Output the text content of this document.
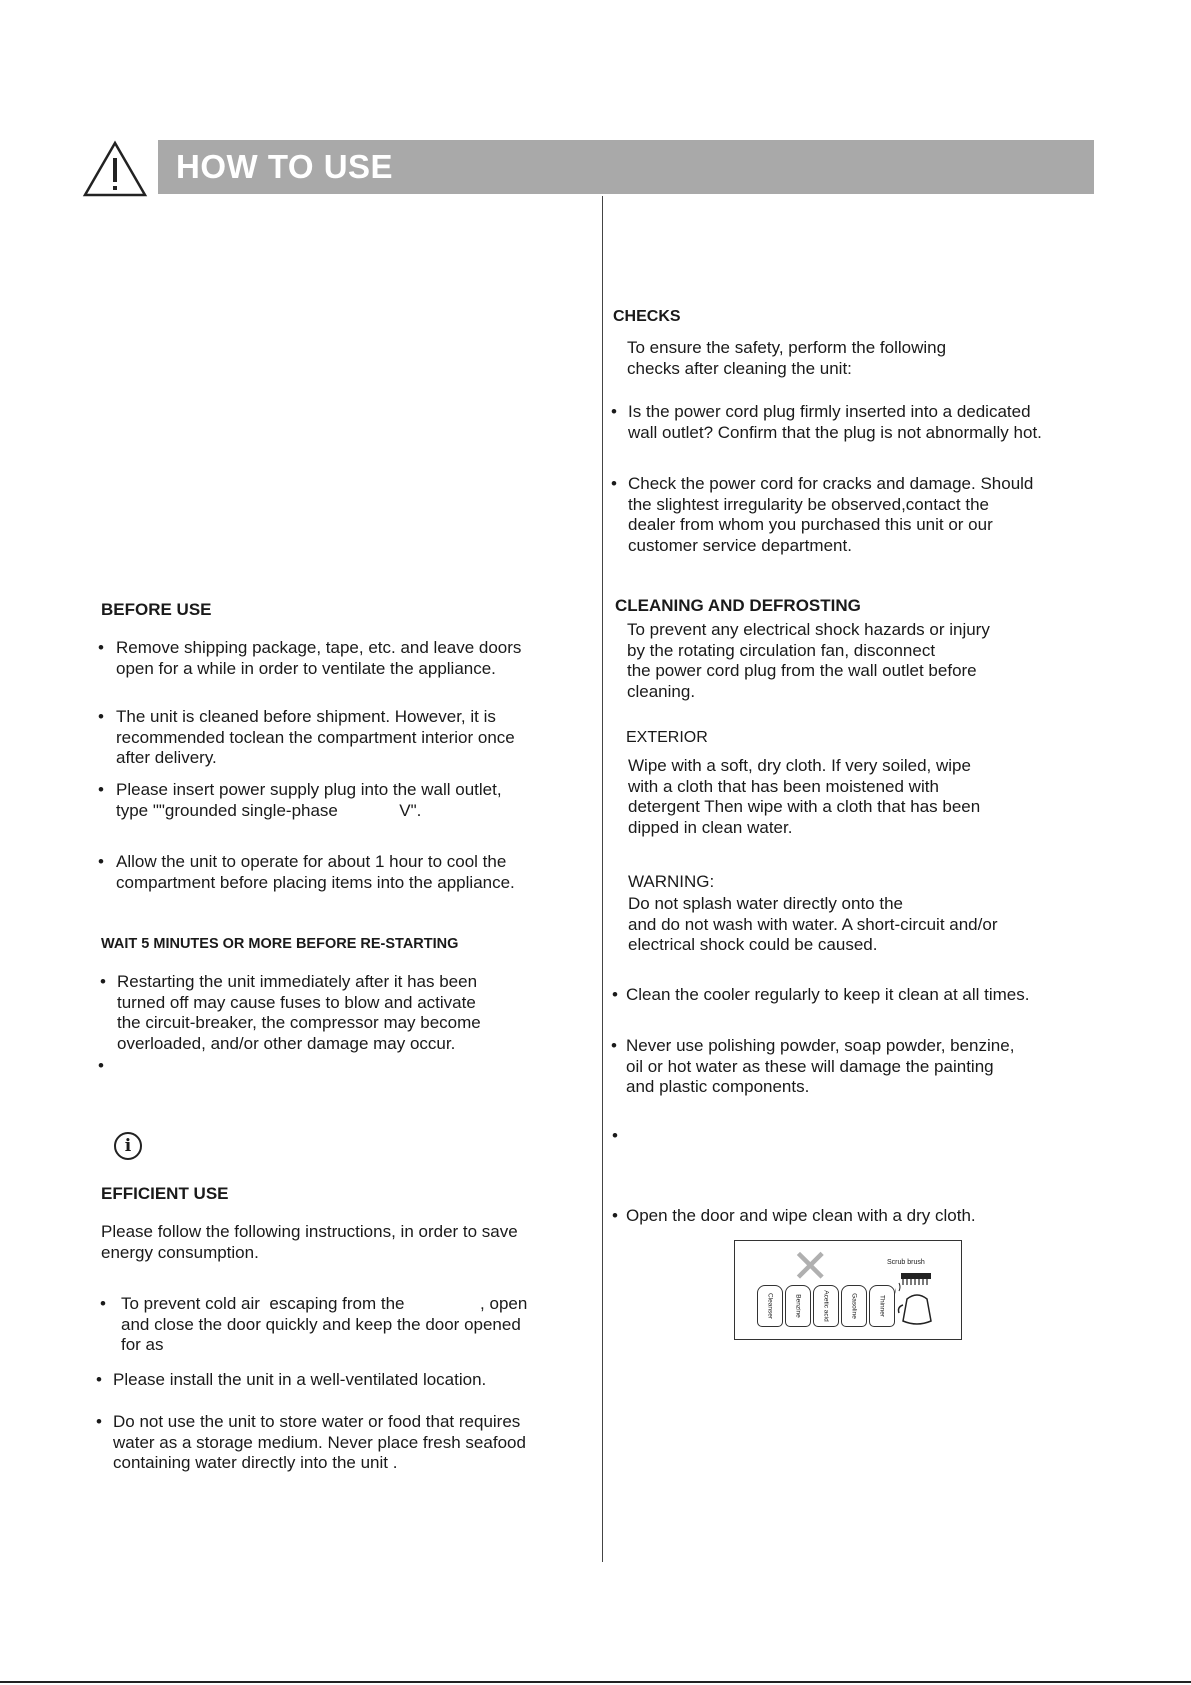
HOW TO USE
BEFORE USE
• Remove shipping package, tape, etc. and leave doors
open for a while in order to ventilate the appliance.
• The unit is cleaned before shipment. However, it is
recommended toclean the compartment interior once
after delivery.
• Please insert power supply plug into the wall outlet,
type ""grounded single-phase             V".
• Allow the unit to operate for about 1 hour to cool the
compartment before placing items into the appliance.
WAIT 5 MINUTES OR MORE BEFORE RE-STARTING
• Restarting the unit immediately after it has been
turned off may cause fuses to blow and activate
the circuit-breaker, the compressor may become
overloaded, and/or other damage may occur.
•
i
EFFICIENT USE
Please follow the following instructions, in order to save
energy consumption.
• To prevent cold air  escaping from the                , open
and close the door quickly and keep the door opened
for as
• Please install the unit in a well-ventilated location.
• Do not use the unit to store water or food that requires
water as a storage medium. Never place fresh seafood
containing water directly into the unit .
CHECKS
To ensure the safety, perform the following
checks after cleaning the unit:
• Is the power cord plug firmly inserted into a dedicated
wall outlet? Confirm that the plug is not abnormally hot.
• Check the power cord for cracks and damage. Should
the slightest irregularity be observed,contact the
dealer from whom you purchased this unit or our
customer service department.
CLEANING AND DEFROSTING
To prevent any electrical shock hazards or injury
by the rotating circulation fan, disconnect
the power cord plug from the wall outlet before
cleaning.
EXTERIOR
Wipe with a soft, dry cloth. If very soiled, wipe
with a cloth that has been moistened with
detergent Then wipe with a cloth that has been
dipped in clean water.
WARNING:
Do not splash water directly onto the
and do not wash with water. A short-circuit and/or
electrical shock could be caused.
• Clean the cooler regularly to keep it clean at all times.
• Never use polishing powder, soap powder, benzine,
oil or hot water as these will damage the painting
and plastic components.
•
• Open the door and wipe clean with a dry cloth.
Cleanser	Benzine	Acetic acid	Gasoline	Thinner
✕	Scrub brush
